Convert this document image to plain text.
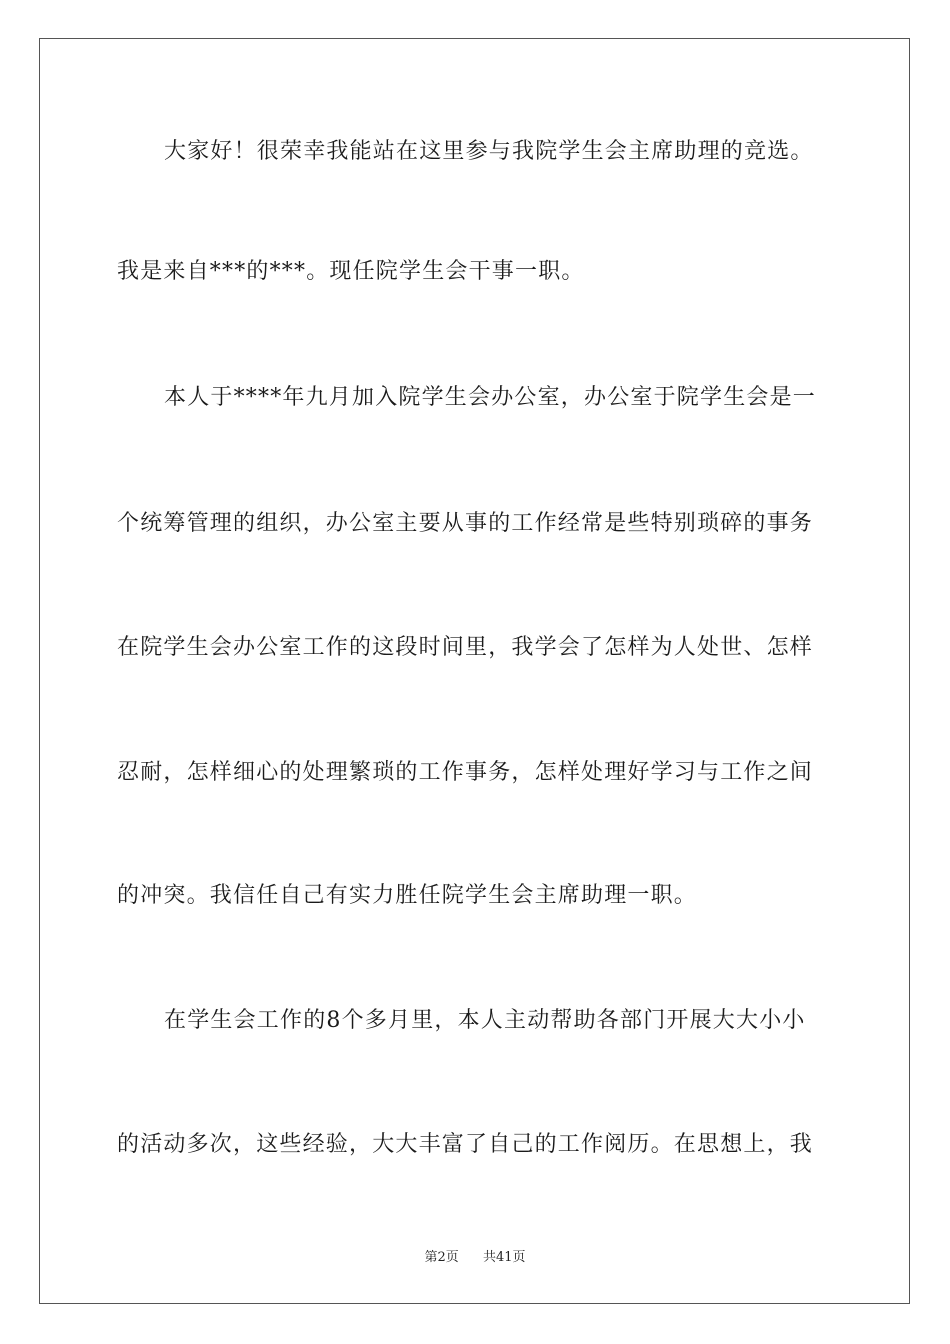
大家好！很荣幸我能站在这里参与我院学生会主席助理的竞选。
我是来自***的***。现任院学生会干事一职。
本人于****年九月加入院学生会办公室，办公室于院学生会是一
个统筹管理的组织，办公室主要从事的工作经常是些特别琐碎的事务
在院学生会办公室工作的这段时间里，我学会了怎样为人处世、怎样
忍耐，怎样细心的处理繁琐的工作事务，怎样处理好学习与工作之间
的冲突。我信任自己有实力胜任院学生会主席助理一职。
在学生会工作的8个多月里，本人主动帮助各部门开展大大小小
的活动多次，这些经验，大大丰富了自己的工作阅历。在思想上，我
第2页 共41页
